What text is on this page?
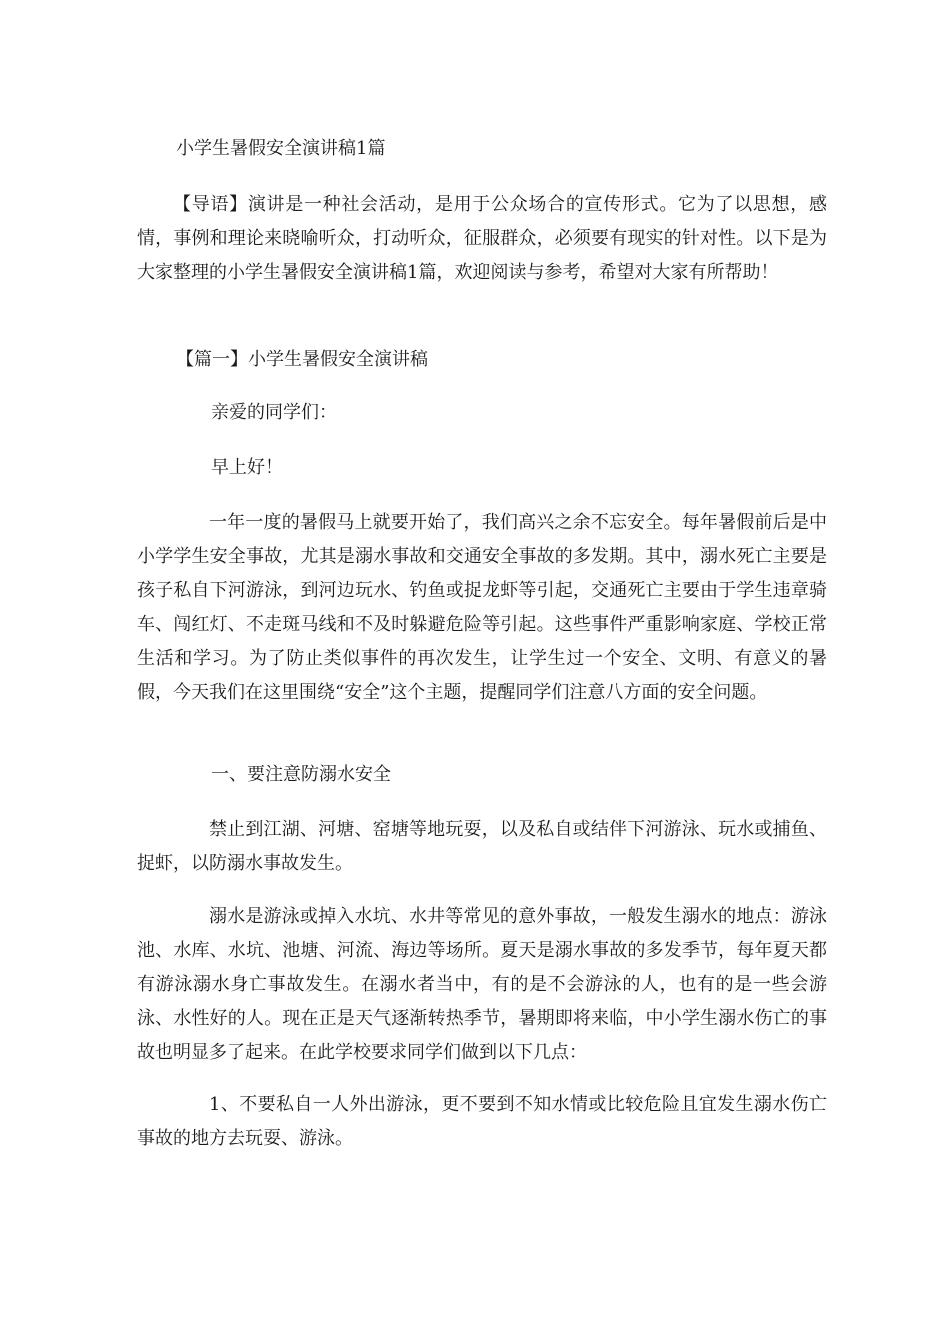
小学生暑假安全演讲稿1篇

【导语】演讲是一种社会活动，是用于公众场合的宣传形式。它为了以思想，感情，事例和理论来晓喻听众，打动听众，征服群众，必须要有现实的针对性。以下是为大家整理的小学生暑假安全演讲稿1篇，欢迎阅读与参考，希望对大家有所帮助！

【篇一】小学生暑假安全演讲稿
亲爱的同学们：
早上好！

一年一度的暑假马上就要开始了，我们高兴之余不忘安全。每年暑假前后是中小学学生安全事故，尤其是溺水事故和交通安全事故的多发期。其中，溺水死亡主要是孩子私自下河游泳，到河边玩水、钓鱼或捉龙虾等引起，交通死亡主要由于学生违章骑车、闯红灯、不走斑马线和不及时躲避危险等引起。这些事件严重影响家庭、学校正常生活和学习。为了防止类似事件的再次发生，让学生过一个安全、文明、有意义的暑假，今天我们在这里围绕“安全”这个主题，提醒同学们注意八方面的安全问题。

一、要注意防溺水安全

禁止到江湖、河塘、窑塘等地玩耍，以及私自或结伴下河游泳、玩水或捕鱼、捉虾，以防溺水事故发生。

溺水是游泳或掉入水坑、水井等常见的意外事故，一般发生溺水的地点：游泳池、水库、水坑、池塘、河流、海边等场所。夏天是溺水事故的多发季节，每年夏天都有游泳溺水身亡事故发生。在溺水者当中，有的是不会游泳的人，也有的是一些会游泳、水性好的人。现在正是天气逐渐转热季节，暑期即将来临，中小学生溺水伤亡的事故也明显多了起来。在此学校要求同学们做到以下几点：

1、不要私自一人外出游泳，更不要到不知水情或比较危险且宜发生溺水伤亡事故的地方去玩耍、游泳。
